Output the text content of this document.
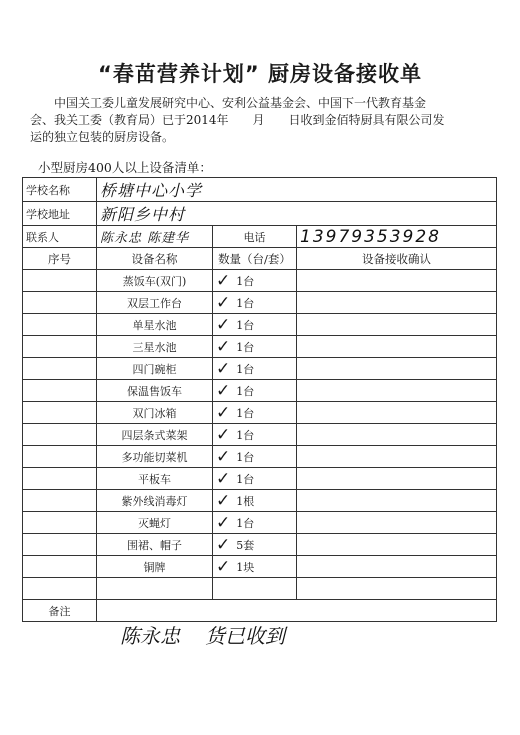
“春苗营养计划” 厨房设备接收单

中国关工委儿童发展研究中心、安利公益基金会、中国下一代教育基金

会、我关工委（教育局）已于2014年　　月　　日收到金佰特厨具有限公司发

运的独立包装的厨房设备。

小型厨房400人以上设备清单：
学校名称	桥塘中心小学		
学校地址	新阳乡中村		
联系人	陈永忠 陈建华	电话	13979353928
序号	设备名称	数量（台/套）	设备接收确认
	蒸饭车(双门)	✓ 1台	

	双层工作台	✓ 1台	

	单星水池	✓ 1台	

	三星水池	✓ 1台	

	四门碗柜	✓ 1台	

	保温售饭车	✓ 1台	

	双门冰箱	✓ 1台	

	四层条式菜架	✓ 1台	

	多功能切菜机	✓ 1台	

	平板车	✓ 1台	

	紫外线消毒灯	✓ 1根	

	灭蝇灯	✓ 1台	

	围裙、帽子	✓ 5套	

	铜牌	✓ 1块	

备注			
陈永忠 货已收到
